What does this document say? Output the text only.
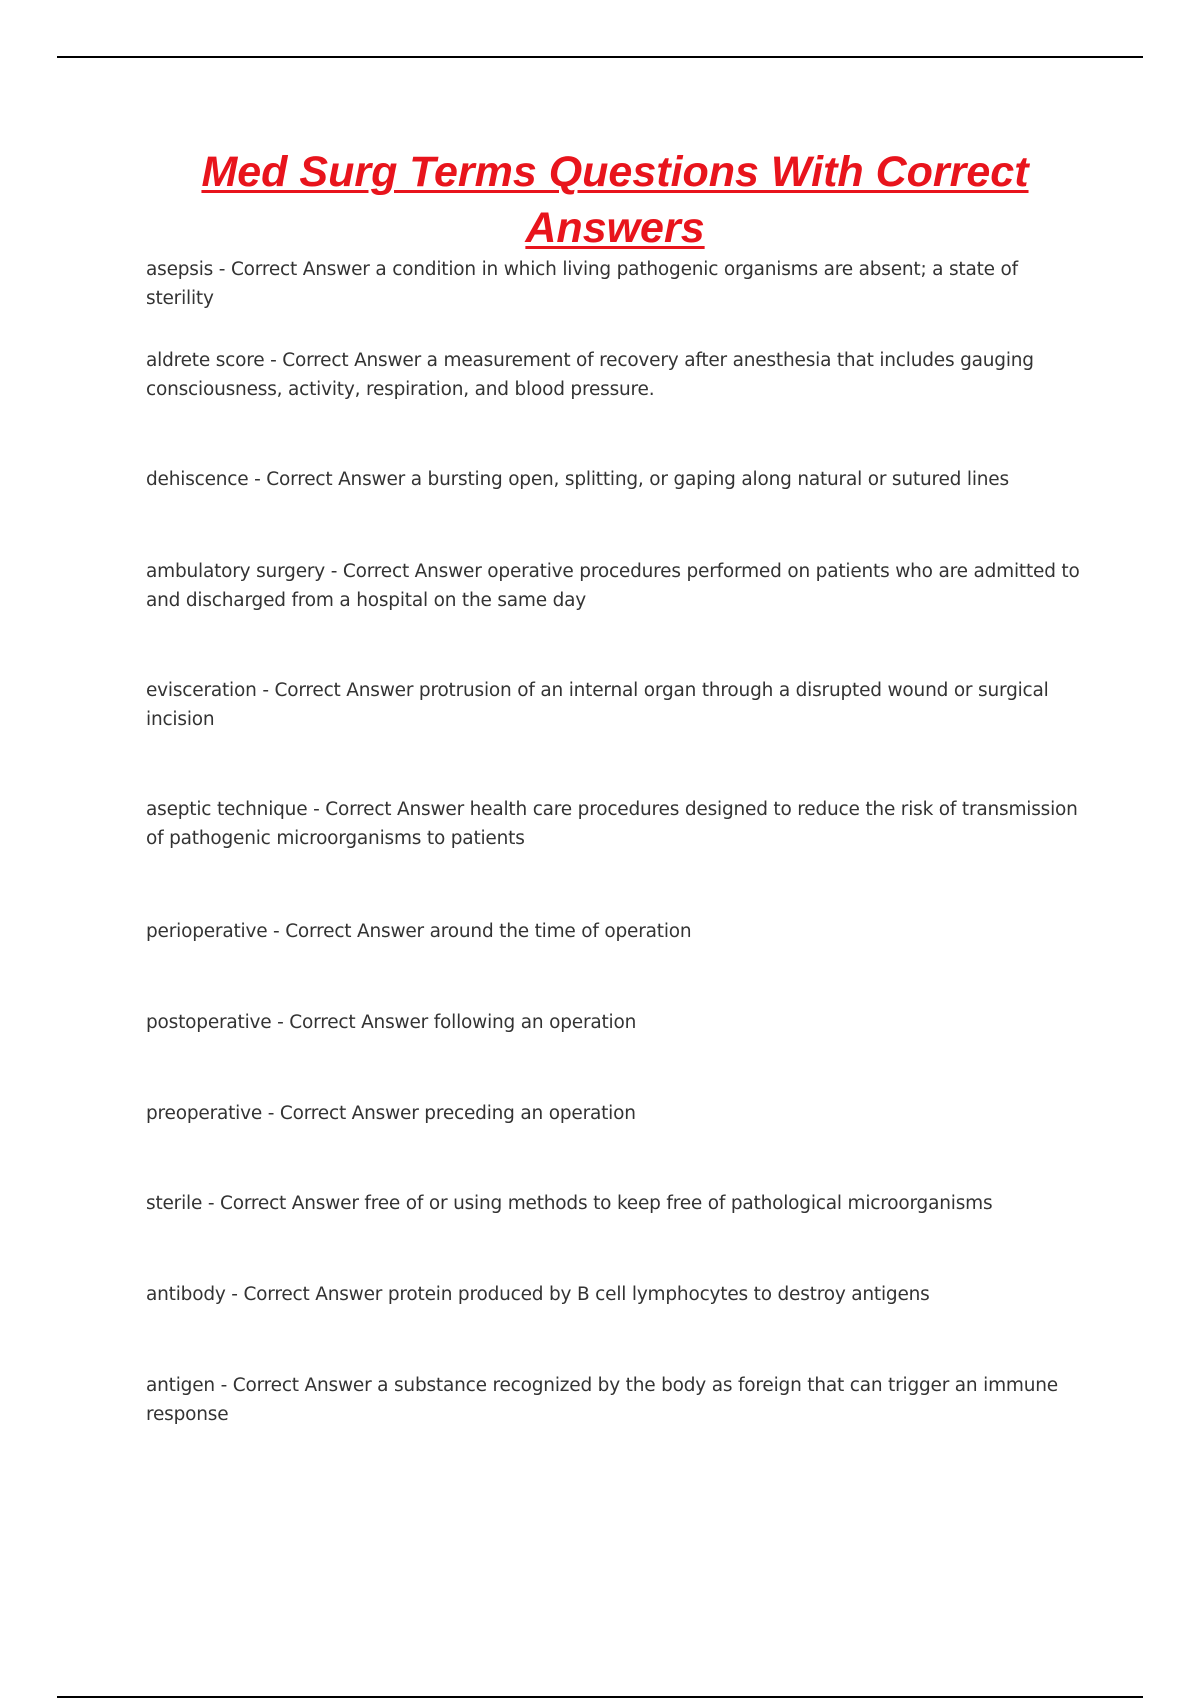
Med Surg Terms Questions With Correct Answers

asepsis - Correct Answer a condition in which living pathogenic organisms are absent; a state of sterility

aldrete score - Correct Answer a measurement of recovery after anesthesia that includes gauging consciousness, activity, respiration, and blood pressure.

dehiscence - Correct Answer a bursting open, splitting, or gaping along natural or sutured lines

ambulatory surgery - Correct Answer operative procedures performed on patients who are admitted to and discharged from a hospital on the same day

evisceration - Correct Answer protrusion of an internal organ through a disrupted wound or surgical incision

aseptic technique - Correct Answer health care procedures designed to reduce the risk of transmission of pathogenic microorganisms to patients

perioperative - Correct Answer around the time of operation

postoperative - Correct Answer following an operation

preoperative - Correct Answer preceding an operation

sterile - Correct Answer free of or using methods to keep free of pathological microorganisms

antibody - Correct Answer protein produced by B cell lymphocytes to destroy antigens

antigen - Correct Answer a substance recognized by the body as foreign that can trigger an immune response
